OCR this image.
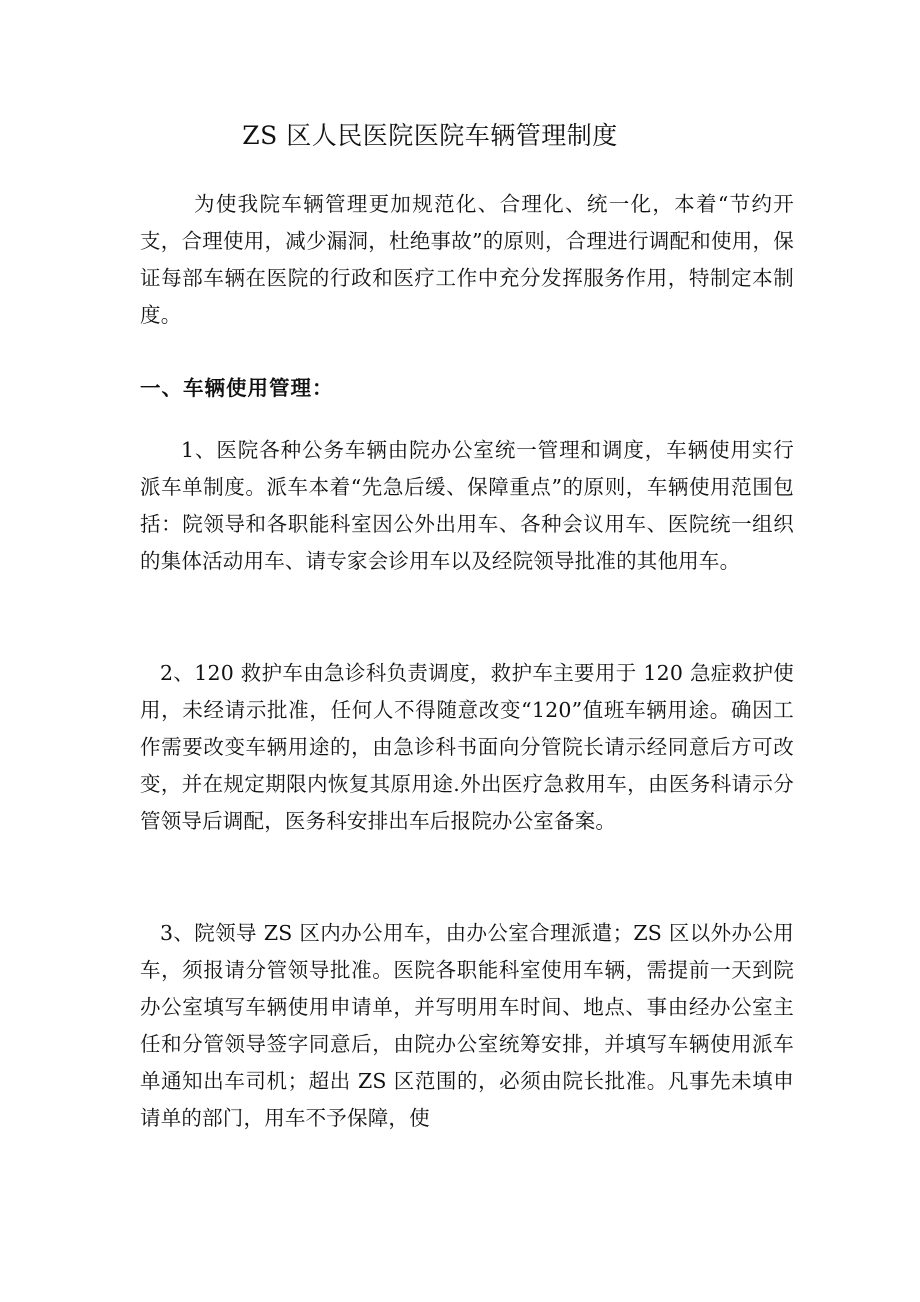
ZS 区人民医院医院车辆管理制度

为使我院车辆管理更加规范化、合理化、统一化，本着“节约开支，合理使用，减少漏洞，杜绝事故”的原则，合理进行调配和使用，保证每部车辆在医院的行政和医疗工作中充分发挥服务作用，特制定本制度。

一、车辆使用管理：

1、医院各种公务车辆由院办公室统一管理和调度，车辆使用实行派车单制度。派车本着“先急后缓、保障重点”的原则，车辆使用范围包括：院领导和各职能科室因公外出用车、各种会议用车、医院统一组织的集体活动用车、请专家会诊用车以及经院领导批准的其他用车。

2、120 救护车由急诊科负责调度，救护车主要用于 120 急症救护使用，未经请示批准，任何人不得随意改变“120”值班车辆用途。确因工作需要改变车辆用途的，由急诊科书面向分管院长请示经同意后方可改变，并在规定期限内恢复其原用途.外出医疗急救用车，由医务科请示分管领导后调配，医务科安排出车后报院办公室备案。

3、院领导 ZS 区内办公用车，由办公室合理派遣；ZS 区以外办公用车，须报请分管领导批准。医院各职能科室使用车辆，需提前一天到院办公室填写车辆使用申请单，并写明用车时间、地点、事由经办公室主任和分管领导签字同意后，由院办公室统筹安排，并填写车辆使用派车单通知出车司机；超出 ZS 区范围的，必须由院长批准。凡事先未填申请单的部门，用车不予保障，使
